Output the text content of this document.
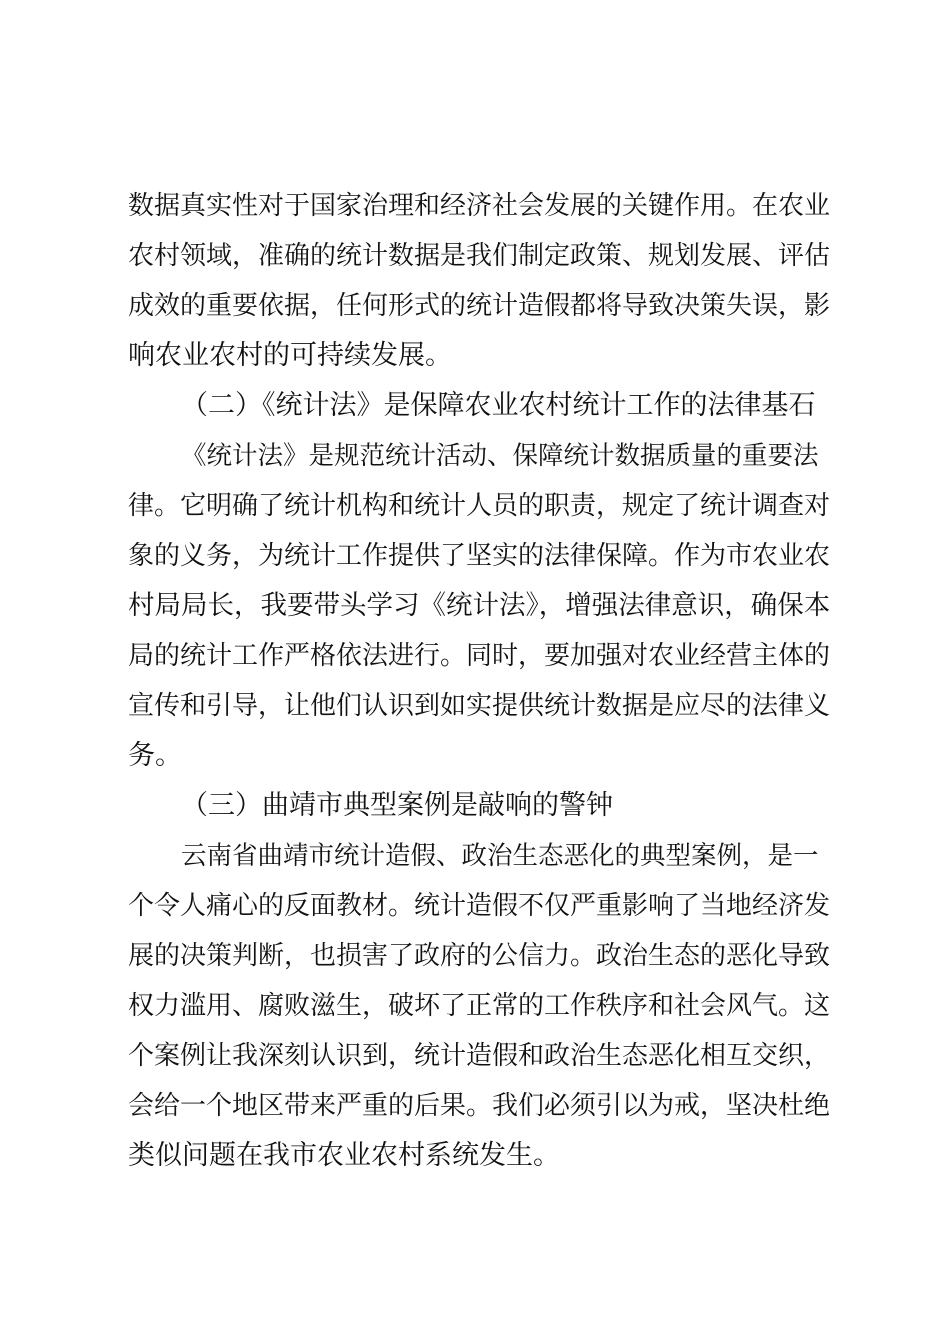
数据真实性对于国家治理和经济社会发展的关键作用。在农业
农村领域，准确的统计数据是我们制定政策、规划发展、评估
成效的重要依据，任何形式的统计造假都将导致决策失误，影
响农业农村的可持续发展。
（二）《统计法》是保障农业农村统计工作的法律基石
《统计法》是规范统计活动、保障统计数据质量的重要法
律。它明确了统计机构和统计人员的职责，规定了统计调查对
象的义务，为统计工作提供了坚实的法律保障。作为市农业农
村局局长，我要带头学习《统计法》，增强法律意识，确保本
局的统计工作严格依法进行。同时，要加强对农业经营主体的
宣传和引导，让他们认识到如实提供统计数据是应尽的法律义
务。
（三）曲靖市典型案例是敲响的警钟
云南省曲靖市统计造假、政治生态恶化的典型案例，是一
个令人痛心的反面教材。统计造假不仅严重影响了当地经济发
展的决策判断，也损害了政府的公信力。政治生态的恶化导致
权力滥用、腐败滋生，破坏了正常的工作秩序和社会风气。这
个案例让我深刻认识到，统计造假和政治生态恶化相互交织，
会给一个地区带来严重的后果。我们必须引以为戒，坚决杜绝
类似问题在我市农业农村系统发生。
